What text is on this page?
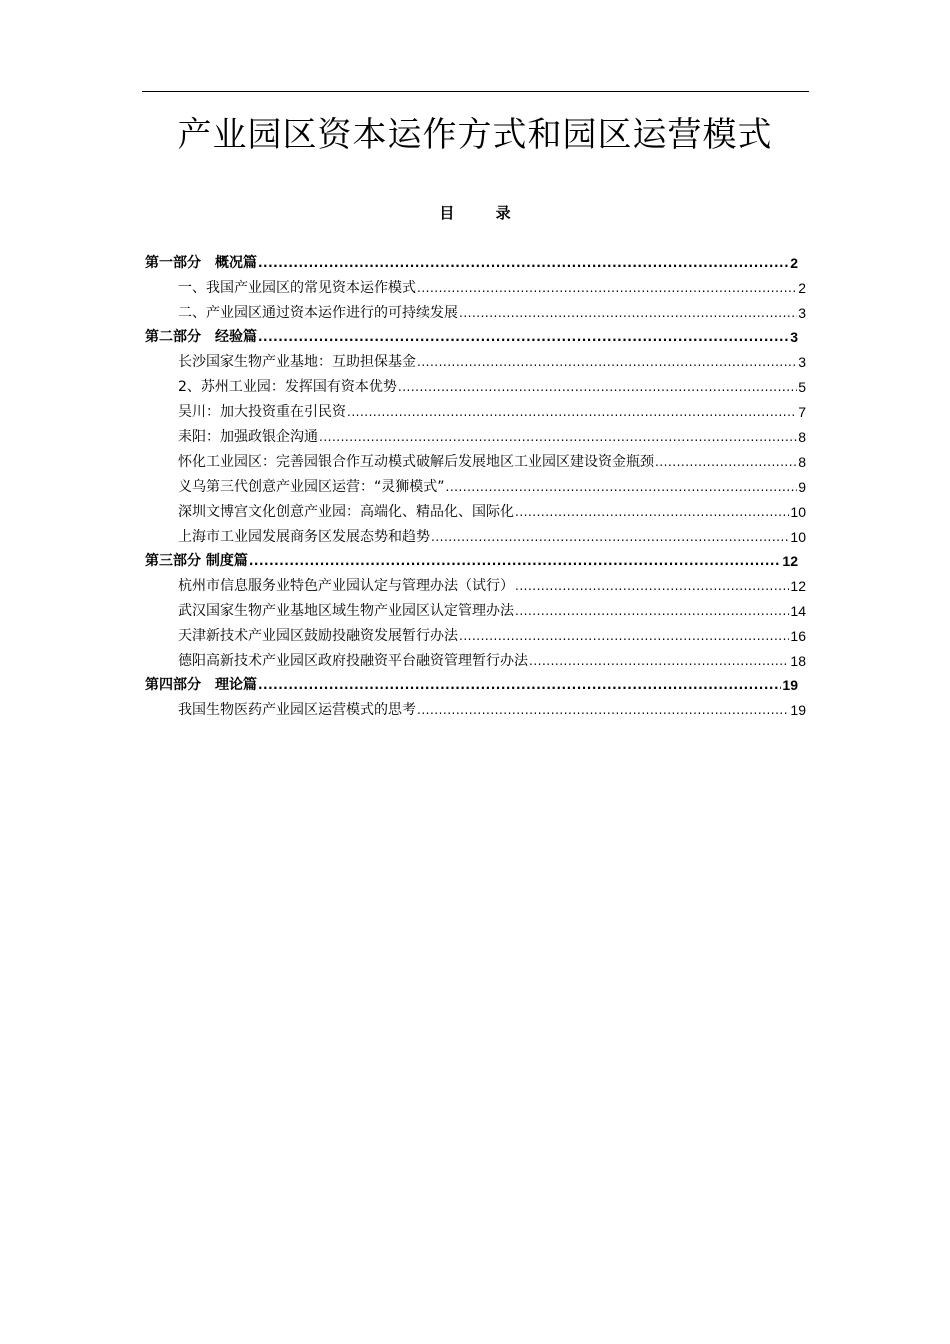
产业园区资本运作方式和园区运营模式
目 录
第一部分　概况篇 .....	2
一、我国产业园区的常见资本运作模式 .....	2
二、产业园区通过资本运作进行的可持续发展 .....	3
第二部分　经验篇 .....	3
长沙国家生物产业基地：互助担保基金 .....	3
2、苏州工业园：发挥国有资本优势 .....	5
吴川：加大投资重在引民资 .....	7
耒阳：加强政银企沟通 .....	8
怀化工业园区：完善园银合作互动模式破解后发展地区工业园区建设资金瓶颈 .....	8
义乌第三代创意产业园区运营：“灵狮模式” .....	9
深圳文博宫文化创意产业园：高端化、精品化、国际化 .....	10
上海市工业园发展商务区发展态势和趋势 .....	10
第三部分 制度篇 .....	12
杭州市信息服务业特色产业园认定与管理办法（试行） .....	12
武汉国家生物产业基地区域生物产业园区认定管理办法 .....	14
天津新技术产业园区鼓励投融资发展暂行办法 .....	16
德阳高新技术产业园区政府投融资平台融资管理暂行办法 .....	18
第四部分　理论篇 .....	19
我国生物医药产业园区运营模式的思考 .....	19
